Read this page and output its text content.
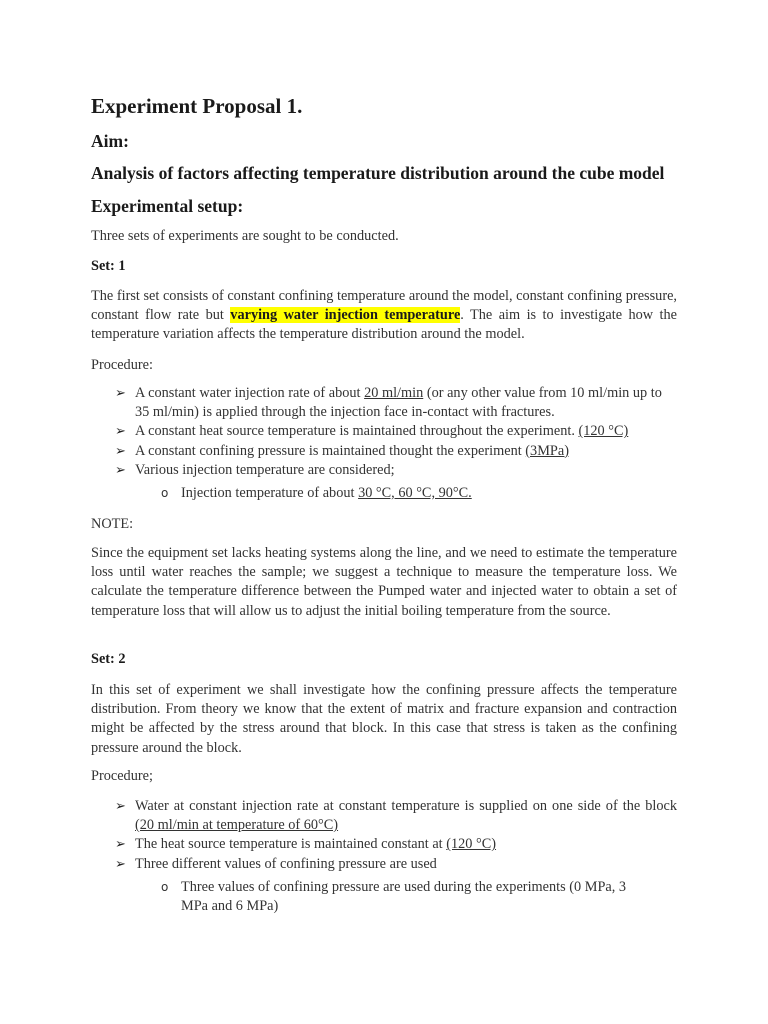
Experiment Proposal 1.
Aim:
Analysis of factors affecting temperature distribution around the cube model
Experimental setup:

Three sets of experiments are sought to be conducted.

Set: 1

The first set consists of constant confining temperature around the model, constant confining pressure, constant flow rate but varying water injection temperature. The aim is to investigate how the temperature variation affects the temperature distribution around the model.

Procedure:

➢ A constant water injection rate of about 20 ml/min (or any other value from 10 ml/min up to 35 ml/min) is applied through the injection face in-contact with fractures.
➢ A constant heat source temperature is maintained throughout the experiment. (120 °C)
➢ A constant confining pressure is maintained thought the experiment (3MPa)
➢ Various injection temperature are considered;
o Injection temperature of about 30 °C, 60 °C, 90°C.

NOTE:

Since the equipment set lacks heating systems along the line, and we need to estimate the temperature loss until water reaches the sample; we suggest a technique to measure the temperature loss. We calculate the temperature difference between the Pumped water and injected water to obtain a set of temperature loss that will allow us to adjust the initial boiling temperature from the source.

Set: 2

In this set of experiment we shall investigate how the confining pressure affects the temperature distribution. From theory we know that the extent of matrix and fracture expansion and contraction might be affected by the stress around that block. In this case that stress is taken as the confining pressure around the block.

Procedure;

➢ Water at constant injection rate at constant temperature is supplied on one side of the block (20 ml/min at temperature of 60°C)
➢ The heat source temperature is maintained constant at (120 °C)
➢ Three different values of confining pressure are used
o Three values of confining pressure are used during the experiments (0 MPa, 3 MPa and 6 MPa)
